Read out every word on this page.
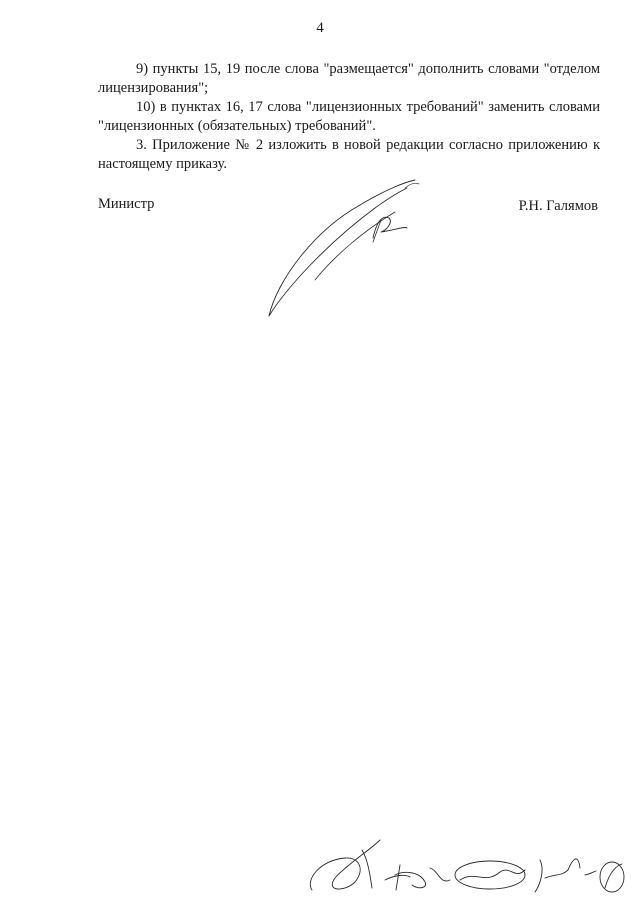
4

9) пункты 15, 19 после слова "размещается" дополнить словами "отделом лицензирования";

10) в пунктах 16, 17 слова "лицензионных требований" заменить словами "лицензионных (обязательных) требований".

3. Приложение № 2 изложить в новой редакции согласно приложению к настоящему приказу.

Министр	Р.Н. Галямов
